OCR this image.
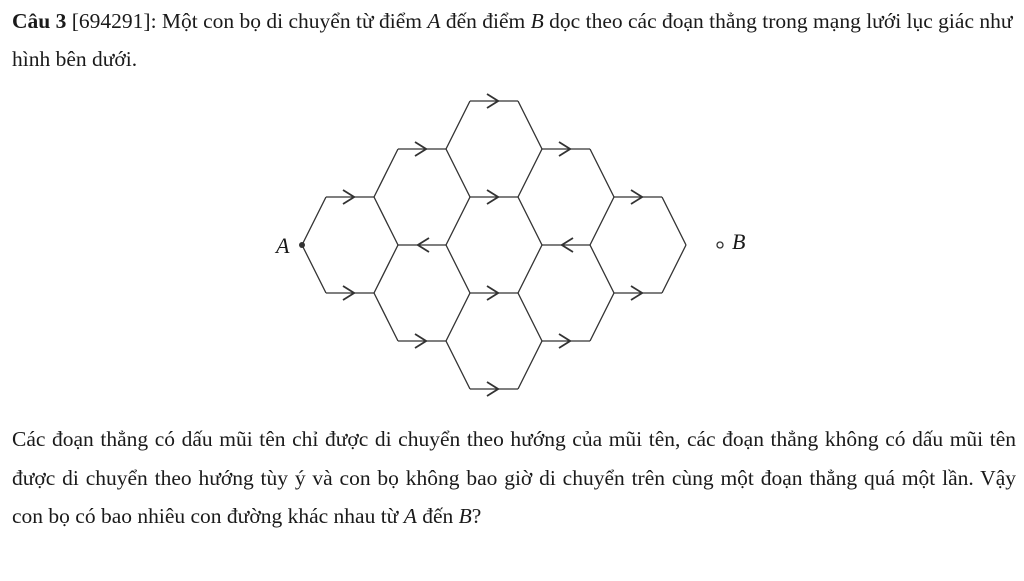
Câu 3 [694291]: Một con bọ di chuyển từ điểm A đến điểm B dọc theo các đoạn thẳng trong mạng lưới lục giác như hình bên dưới.

A	B

Các đoạn thẳng có dấu mũi tên chỉ được di chuyển theo hướng của mũi tên, các đoạn thẳng không có dấu mũi tên được di chuyển theo hướng tùy ý và con bọ không bao giờ di chuyển trên cùng một đoạn thẳng quá một lần. Vậy con bọ có bao nhiêu con đường khác nhau từ A đến B?
